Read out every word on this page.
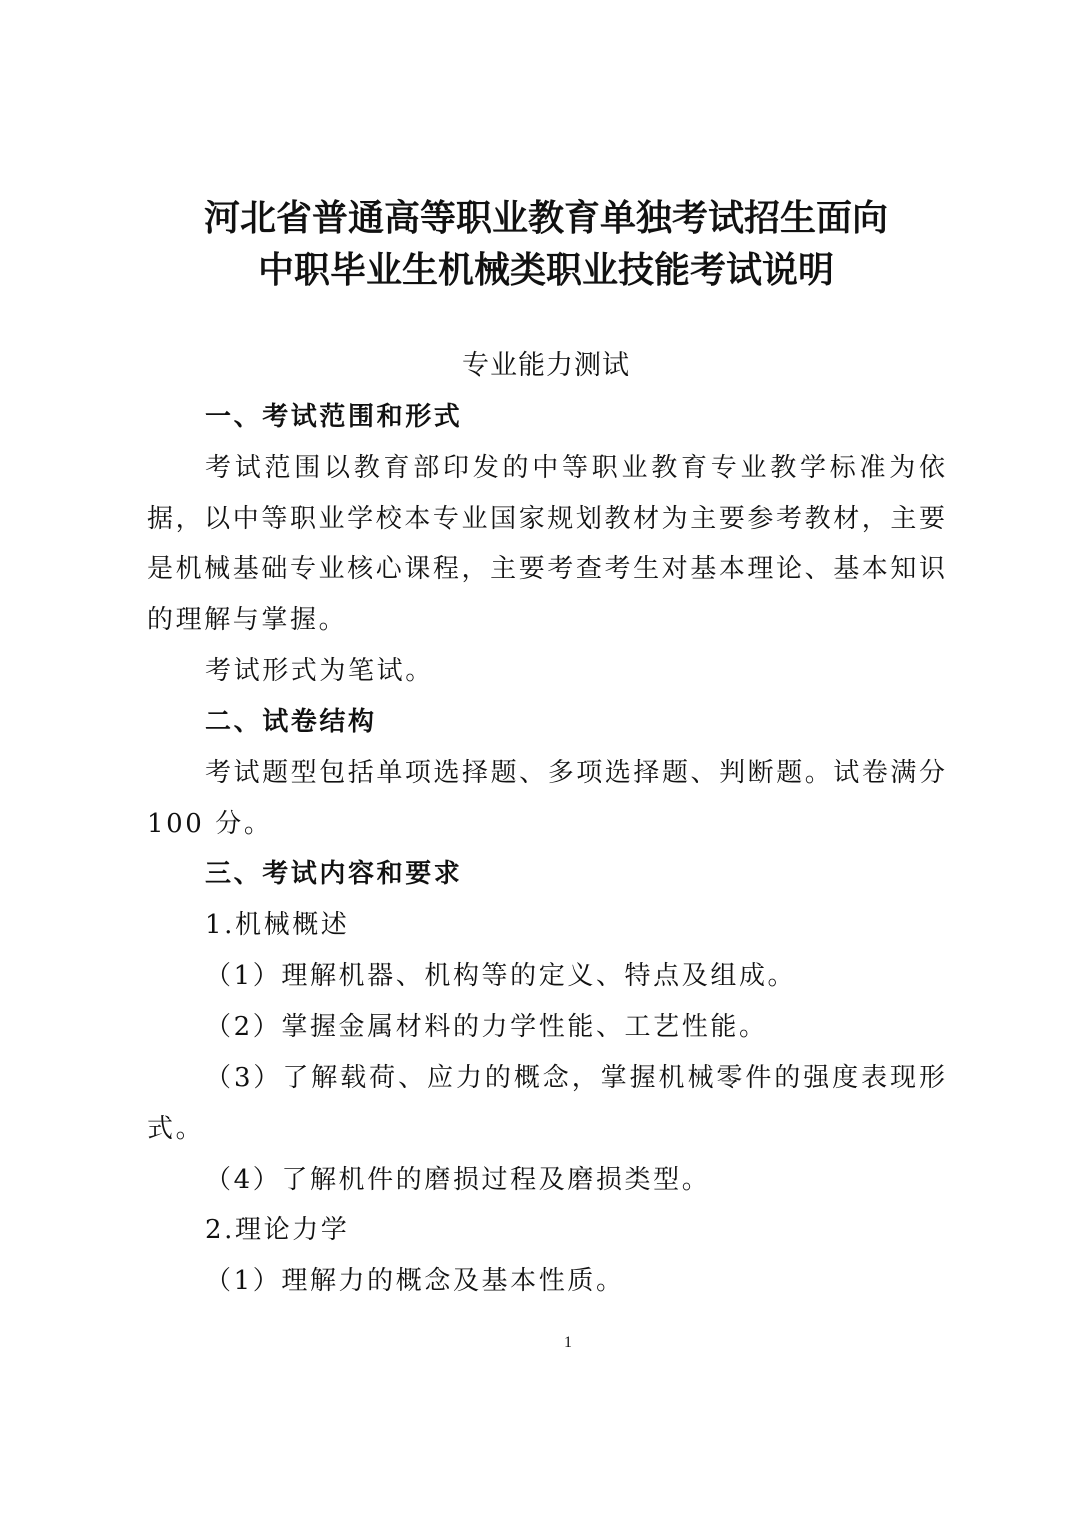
河北省普通高等职业教育单独考试招生面向
中职毕业生机械类职业技能考试说明
专业能力测试
一、考试范围和形式
考试范围以教育部印发的中等职业教育专业教学标准为依
据，以中等职业学校本专业国家规划教材为主要参考教材，主要
是机械基础专业核心课程，主要考查考生对基本理论、基本知识
的理解与掌握。
考试形式为笔试。
二、试卷结构
考试题型包括单项选择题、多项选择题、判断题。试卷满分
100 分。
三、考试内容和要求
1.机械概述
（1）理解机器、机构等的定义、特点及组成。
（2）掌握金属材料的力学性能、工艺性能。
（3）了解载荷、应力的概念，掌握机械零件的强度表现形
式。
（4）了解机件的磨损过程及磨损类型。
2.理论力学
（1）理解力的概念及基本性质。
1
